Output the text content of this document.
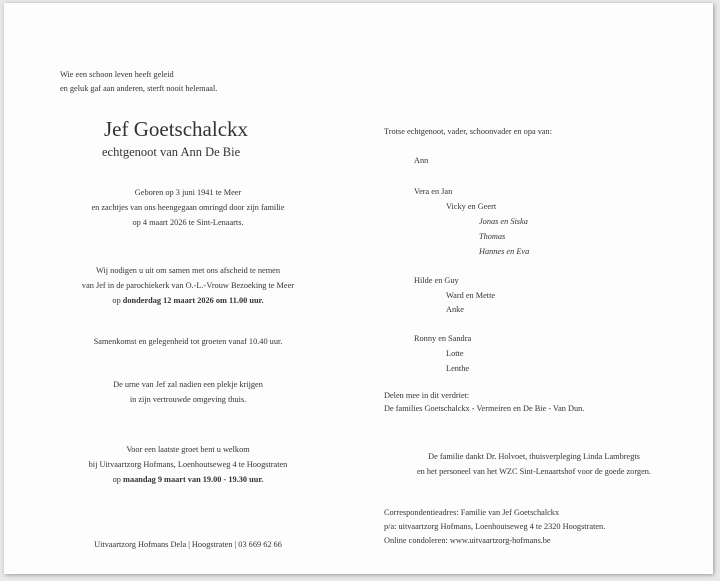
Wie een schoon leven heeft geleid
en geluk gaf aan anderen, sterft nooit helemaal.
Jef Goetschalckx
echtgenoot van Ann De Bie
Geboren op 3 juni 1941 te Meer
en zachtjes van ons heengegaan omringd door zijn familie
op 4 maart 2026 te Sint-Lenaarts.
Wij nodigen u uit om samen met ons afscheid te nemen
van Jef in de parochiekerk van O.-L.-Vrouw Bezoeking te Meer
op donderdag 12 maart 2026 om 11.00 uur.
Samenkomst en gelegenheid tot groeten vanaf 10.40 uur.
De urne van Jef zal nadien een plekje krijgen
in zijn vertrouwde omgeving thuis.
Voor een laatste groet bent u welkom
bij Uitvaartzorg Hofmans, Loenhoutseweg 4 te Hoogstraten
op maandag 9 maart van 19.00 - 19.30 uur.
Uitvaartzorg Hofmans Dela | Hoogstraten | 03 669 62 66
Trotse echtgenoot, vader, schoonvader en opa van:
Ann
Vera en Jan
Vicky en Geert
Jonas en Siska
Thomas
Hannes en Eva
Hilde en Guy
Ward en Mette
Anke
Ronny en Sandra
Lotte
Lenthe
Delen mee in dit verdriet:
De families Goetschalckx - Vermeiren en De Bie - Van Dun.
De familie dankt Dr. Holvoet, thuisverpleging Linda Lambregts
en het personeel van het WZC Sint-Lenaartshof voor de goede zorgen.
Correspondentieadres: Familie van Jef Goetschalckx
p/a: uitvaartzorg Hofmans, Loenhoutseweg 4 te 2320 Hoogstraten.
Online condoleren: www.uitvaartzorg-hofmans.be
